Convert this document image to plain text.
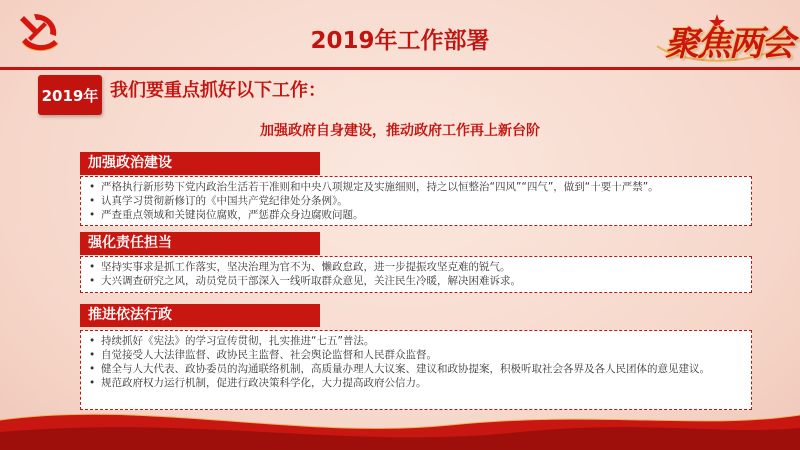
2019年工作部署	聚焦两会
2019年 我们要重点抓好以下工作：
加强政府自身建设，推动政府工作再上新台阶
加强政治建设
• 严格执行新形势下党内政治生活若干准则和中央八项规定及实施细则，持之以恒整治“四风”“四气”，做到“十要十严禁”。
• 认真学习贯彻新修订的《中国共产党纪律处分条例》。
• 严查重点领域和关键岗位腐败，严惩群众身边腐败问题。
强化责任担当
• 坚持实事求是抓工作落实，坚决治理为官不为、懒政怠政，进一步提振攻坚克难的锐气。
• 大兴调查研究之风，动员党员干部深入一线听取群众意见，关注民生冷暖，解决困难诉求。
推进依法行政
• 持续抓好《宪法》的学习宣传贯彻，扎实推进“七五”普法。
• 自觉接受人大法律监督、政协民主监督、社会舆论监督和人民群众监督。
• 健全与人大代表、政协委员的沟通联络机制，高质量办理人大议案、建议和政协提案，积极听取社会各界及各人民团体的意见建议。
• 规范政府权力运行机制，促进行政决策科学化，大力提高政府公信力。
